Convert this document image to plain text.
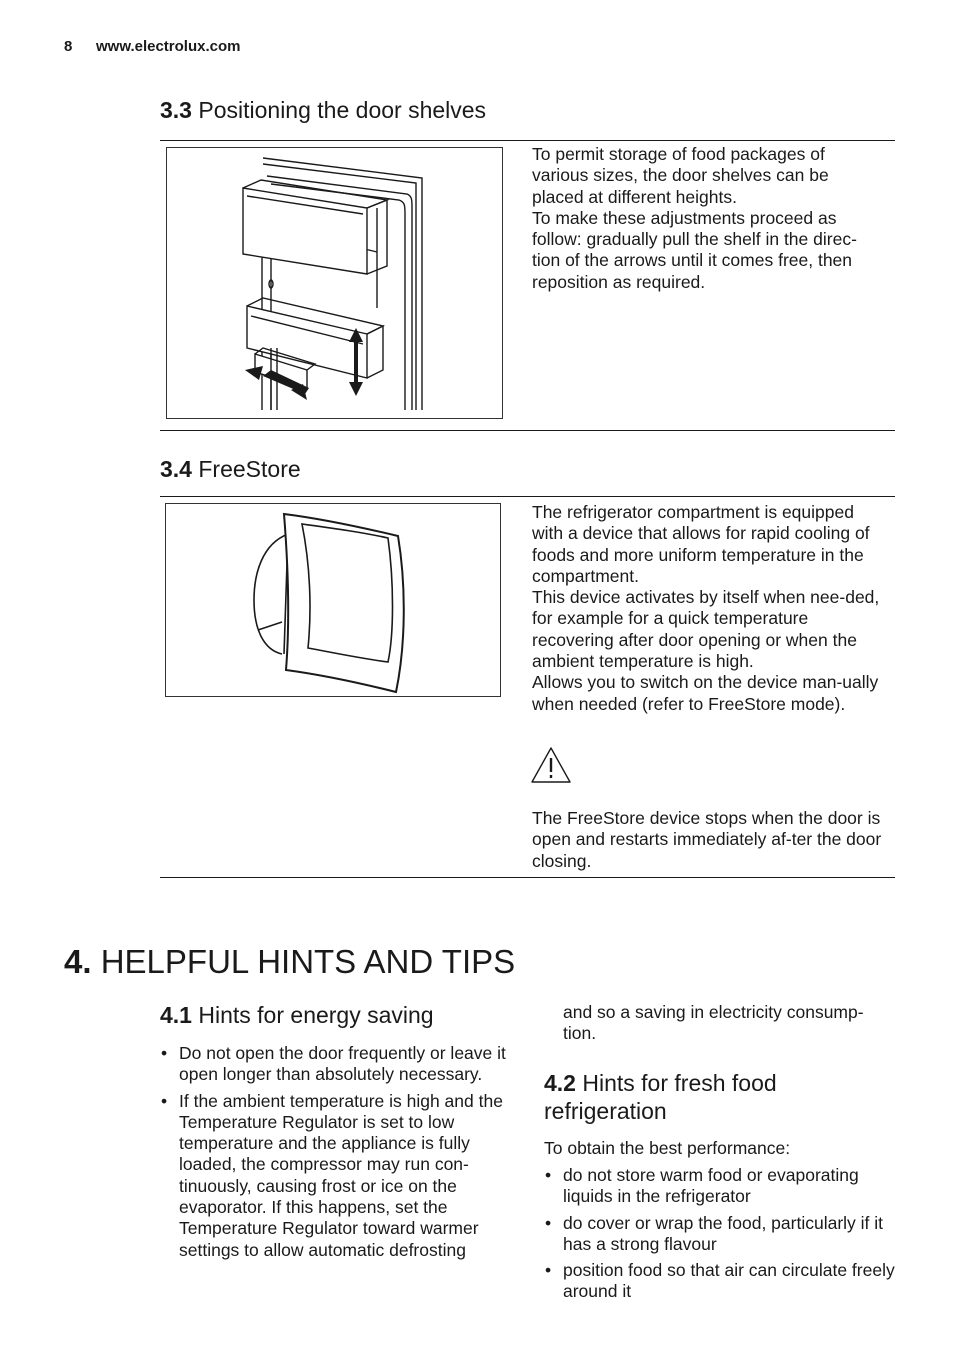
8 www.electrolux.com
3.3 Positioning the door shelves

To permit storage of food packages of various sizes, the door shelves can be placed at different heights.

To make these adjustments proceed as follow: gradually pull the shelf in the direc-tion of the arrows until it comes free, then reposition as required.

3.4 FreeStore

The refrigerator compartment is equipped with a device that allows for rapid cooling of foods and more uniform temperature in the compartment.

This device activates by itself when nee-ded, for example for a quick temperature recovering after door opening or when the ambient temperature is high.

Allows you to switch on the device man-ually when needed (refer to FreeStore mode).

The FreeStore device stops when the door is open and restarts immediately af-ter the door closing.

4. HELPFUL HINTS AND TIPS
4.1 Hints for energy saving
• Do not open the door frequently or leave it open longer than absolutely necessary.
• If the ambient temperature is high and the Temperature Regulator is set to low temperature and the appliance is fully loaded, the compressor may run con-tinuously, causing frost or ice on the evaporator. If this happens, set the Temperature Regulator toward warmer settings to allow automatic defrosting

and so a saving in electricity consump-tion.

4.2 Hints for fresh food refrigeration

To obtain the best performance:

• do not store warm food or evaporating liquids in the refrigerator
• do cover or wrap the food, particularly if it has a strong flavour
• position food so that air can circulate freely around it
